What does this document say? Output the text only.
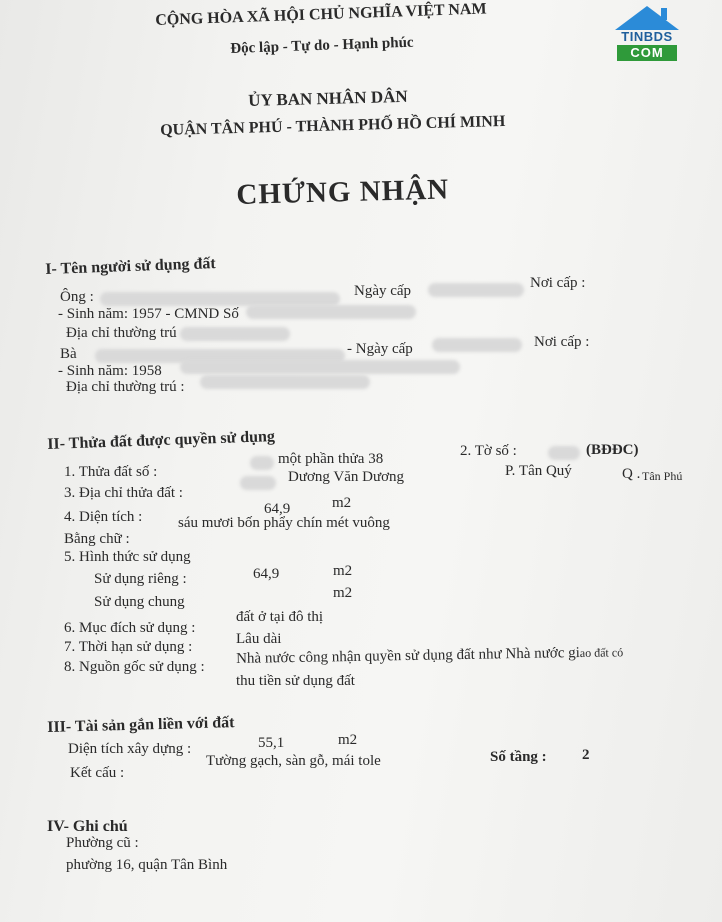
TINBDS
COM
CỘNG HÒA XÃ HỘI CHỦ NGHĨA VIỆT NAM
Độc lập - Tự do - Hạnh phúc
ỦY BAN NHÂN DÂN
QUẬN TÂN PHÚ - THÀNH PHỐ HỒ CHÍ MINH
CHỨNG NHẬN
I- Tên người sử dụng đất
Ông :	Ngày cấp	Nơi cấp :
- Sinh năm: 1957 - CMND Số
Địa chỉ thường trú
Bà	- Ngày cấp	Nơi cấp :
- Sinh năm: 1958
Địa chỉ thường trú :
II- Thửa đất được quyền sử dụng	2. Tờ số :	(BĐĐC)
1. Thửa đất số :
một phần thửa 38
3. Địa chỉ thửa đất :
Dương Văn Dương	P. Tân Quý	Q . Tân Phú
4. Diện tích :	64,9	m2
Bằng chữ :
sáu mươi bốn phẩy chín mét vuông
5. Hình thức sử dụng
Sử dụng riêng :	64,9	m2
Sử dụng chung
m2
6. Mục đích sử dụng :
đất ở tại đô thị
7. Thời hạn sử dụng :	Lâu dài
8. Nguồn gốc sử dụng :
Nhà nước công nhận quyền sử dụng đất như Nhà nước giao đất có
thu tiền sử dụng đất
III- Tài sản gắn liền với đất
Diện tích xây dựng :	55,1	m2
Kết cấu :
Tường gạch, sàn gỗ, mái tole	Số tầng : 2
IV- Ghi chú
Phường cũ :
phường 16, quận Tân Bình
